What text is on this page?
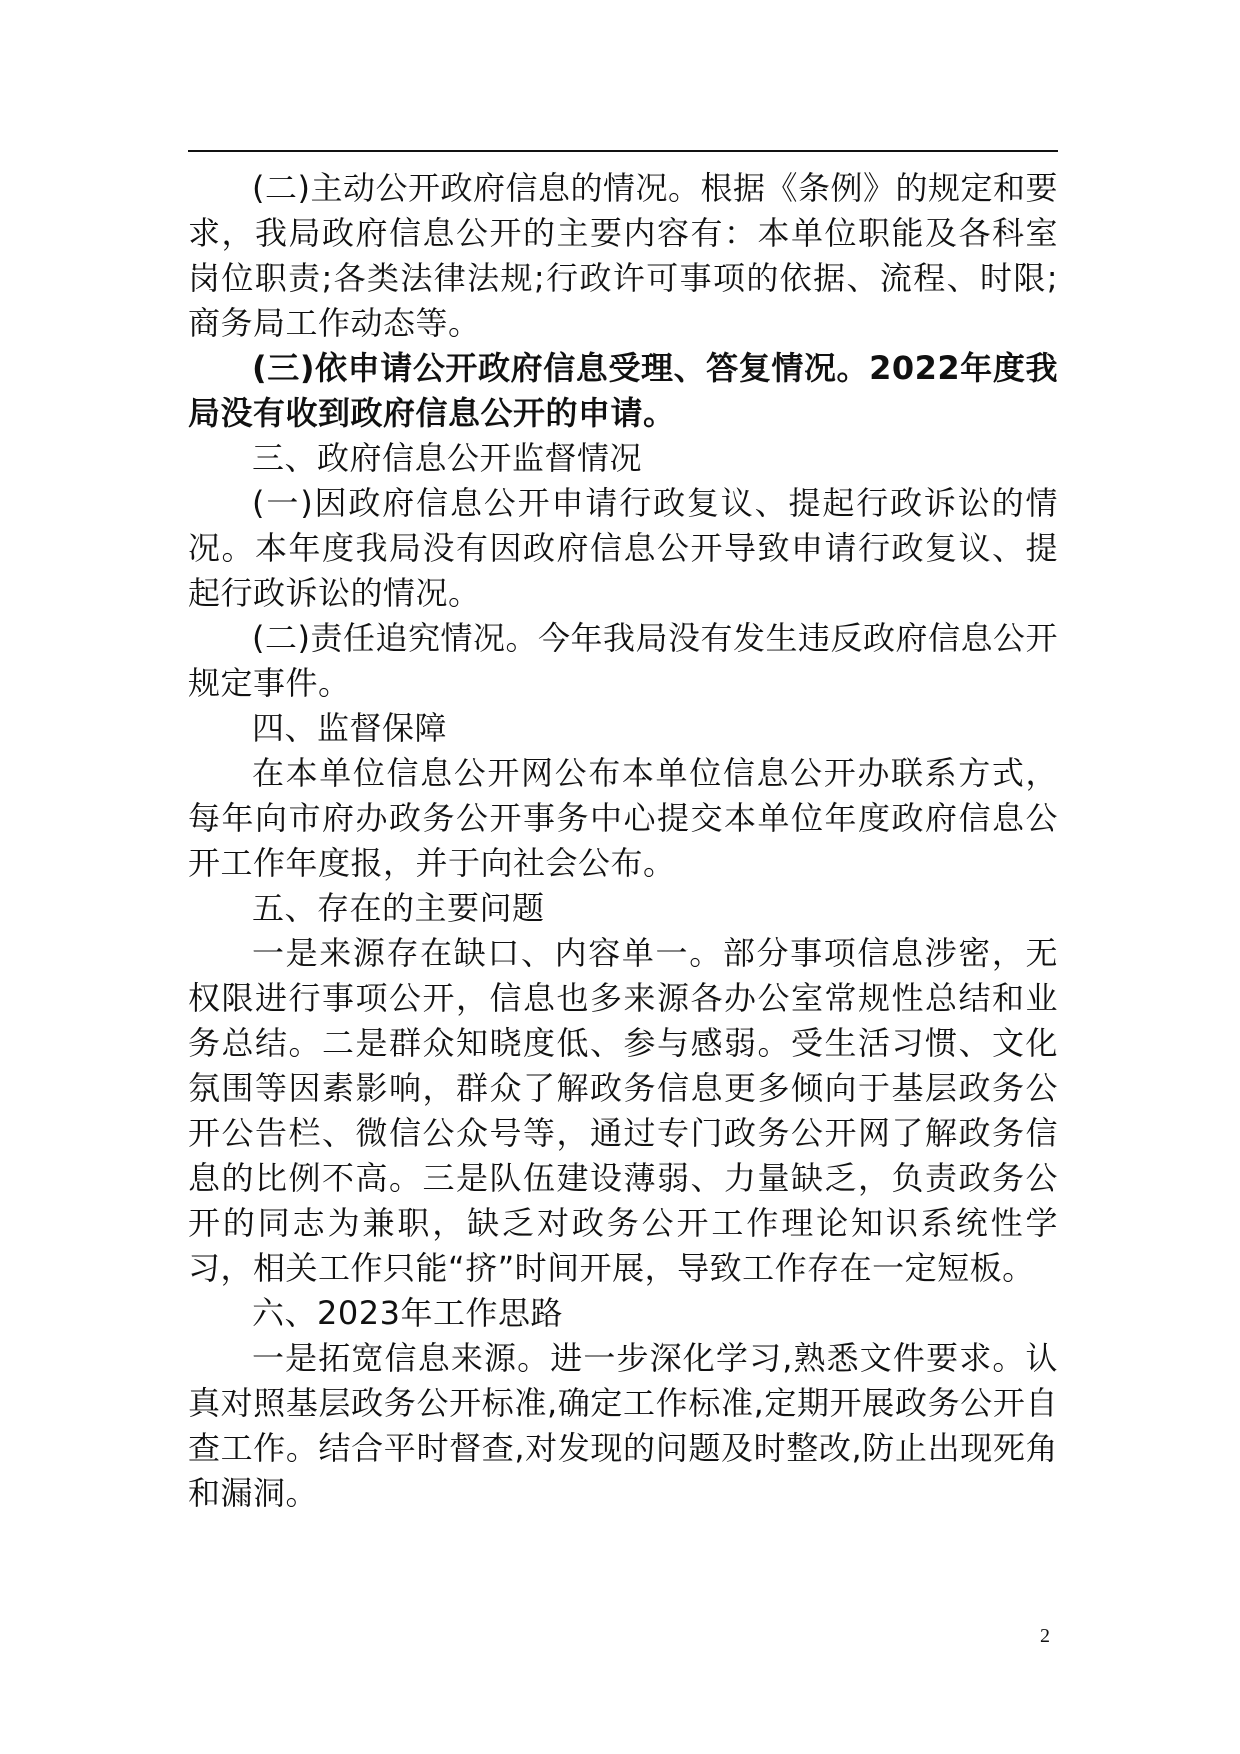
(二)主动公开政府信息的情况。根据《条例》的规定和要求，我局政府信息公开的主要内容有：本单位职能及各科室岗位职责;各类法律法规;行政许可事项的依据、流程、时限;商务局工作动态等。

(三)依申请公开政府信息受理、答复情况。2022年度我局没有收到政府信息公开的申请。

三、政府信息公开监督情况

(一)因政府信息公开申请行政复议、提起行政诉讼的情况。本年度我局没有因政府信息公开导致申请行政复议、提起行政诉讼的情况。

(二)责任追究情况。今年我局没有发生违反政府信息公开规定事件。

四、监督保障

在本单位信息公开网公布本单位信息公开办联系方式，每年向市府办政务公开事务中心提交本单位年度政府信息公开工作年度报，并于向社会公布。

五、存在的主要问题

一是来源存在缺口、内容单一。部分事项信息涉密，无权限进行事项公开，信息也多来源各办公室常规性总结和业务总结。二是群众知晓度低、参与感弱。受生活习惯、文化氛围等因素影响，群众了解政务信息更多倾向于基层政务公开公告栏、微信公众号等，通过专门政务公开网了解政务信息的比例不高。三是队伍建设薄弱、力量缺乏，负责政务公开的同志为兼职，缺乏对政务公开工作理论知识系统性学习，相关工作只能“挤”时间开展，导致工作存在一定短板。

六、2023年工作思路

一是拓宽信息来源。进一步深化学习,熟悉文件要求。认真对照基层政务公开标准,确定工作标准,定期开展政务公开自查工作。结合平时督查,对发现的问题及时整改,防止出现死角和漏洞。

2
